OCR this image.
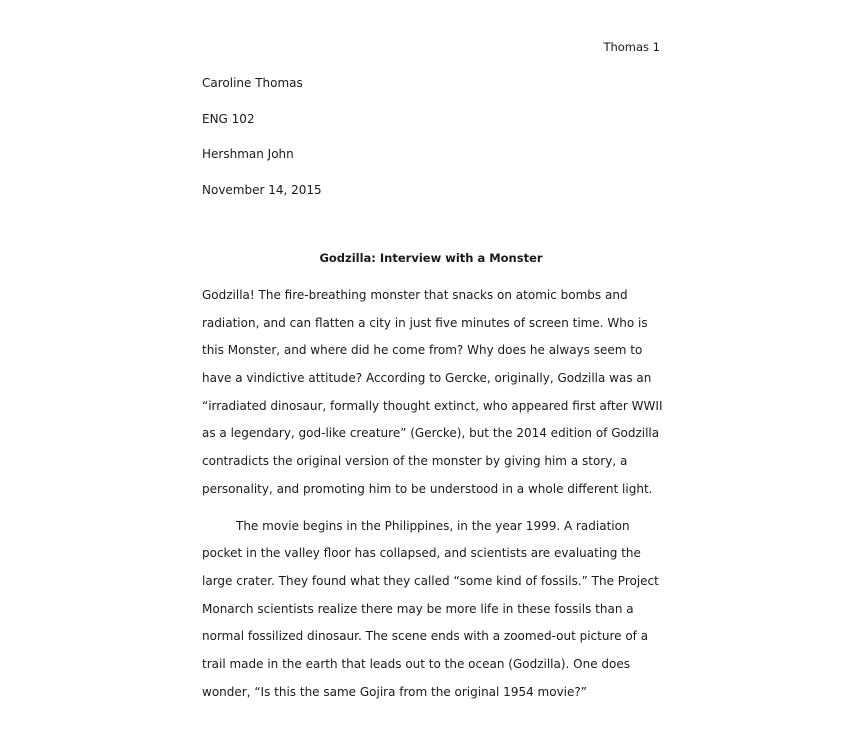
Thomas 1
Caroline Thomas
ENG 102
Hershman John
November 14, 2015
Godzilla: Interview with a Monster
Godzilla! The fire-breathing monster that snacks on atomic bombs and
radiation, and can flatten a city in just five minutes of screen time. Who is
this Monster, and where did he come from? Why does he always seem to
have a vindictive attitude? According to Gercke, originally, Godzilla was an
“irradiated dinosaur, formally thought extinct, who appeared first after WWII
as a legendary, god-like creature” (Gercke), but the 2014 edition of Godzilla
contradicts the original version of the monster by giving him a story, a
personality, and promoting him to be understood in a whole different light.
The movie begins in the Philippines, in the year 1999. A radiation
pocket in the valley floor has collapsed, and scientists are evaluating the
large crater. They found what they called “some kind of fossils.” The Project
Monarch scientists realize there may be more life in these fossils than a
normal fossilized dinosaur. The scene ends with a zoomed-out picture of a
trail made in the earth that leads out to the ocean (Godzilla). One does
wonder, “Is this the same Gojira from the original 1954 movie?”
